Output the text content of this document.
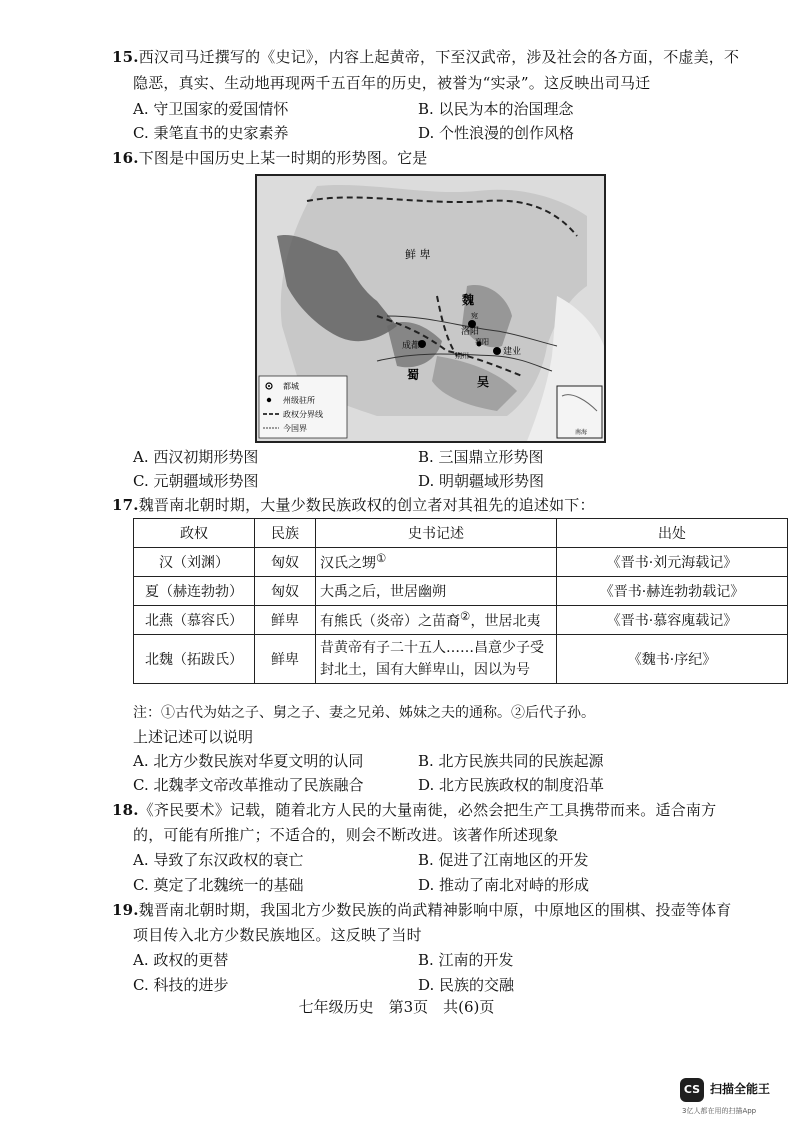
15.西汉司马迁撰写的《史记》，内容上起黄帝，下至汉武帝，涉及社会的各方面，不虚美，不
隐恶，真实、生动地再现两千五百年的历史，被誉为“实录”。这反映出司马迁
A. 守卫国家的爱国情怀	B. 以民为本的治国理念
C. 秉笔直书的史家素养	D. 个性浪漫的创作风格
16.下图是中国历史上某一时期的形势图。它是
鲜 卑
魏
洛阳
成都
建业
宛
荆州
襄阳
蜀	吴
南海
都城
州级驻所
政权分界线
今国界
A. 西汉初期形势图	B. 三国鼎立形势图
C. 元朝疆域形势图	D. 明朝疆域形势图
17.魏晋南北朝时期，大量少数民族政权的创立者对其祖先的追述如下：
政权	民族	史书记述	出处
汉（刘渊）	匈奴	汉氏之甥①	《晋书·刘元海载记》
夏（赫连勃勃）	匈奴	大禹之后，世居幽朔	《晋书·赫连勃勃载记》
北燕（慕容氏）	鲜卑	有熊氏（炎帝）之苗裔②，世居北夷	《晋书·慕容廆载记》
北魏（拓跋氏）	鲜卑	昔黄帝有子二十五人……昌意少子受封北土，国有大鲜卑山，因以为号	《魏书·序纪》
注：①古代为姑之子、舅之子、妻之兄弟、姊妹之夫的通称。②后代子孙。
上述记述可以说明
A. 北方少数民族对华夏文明的认同	B. 北方民族共同的民族起源
C. 北魏孝文帝改革推动了民族融合	D. 北方民族政权的制度沿革
18.《齐民要术》记载，随着北方人民的大量南徙，必然会把生产工具携带而来。适合南方
的，可能有所推广；不适合的，则会不断改进。该著作所述现象
A. 导致了东汉政权的衰亡	B. 促进了江南地区的开发
C. 奠定了北魏统一的基础	D. 推动了南北对峙的形成
19.魏晋南北朝时期，我国北方少数民族的尚武精神影响中原，中原地区的围棋、投壶等体育
项目传入北方少数民族地区。这反映了当时
A. 政权的更替	B. 江南的开发
C. 科技的进步	D. 民族的交融
七年级历史　第3页　共(6)页
CS 扫描全能王
3亿人都在用的扫描App
